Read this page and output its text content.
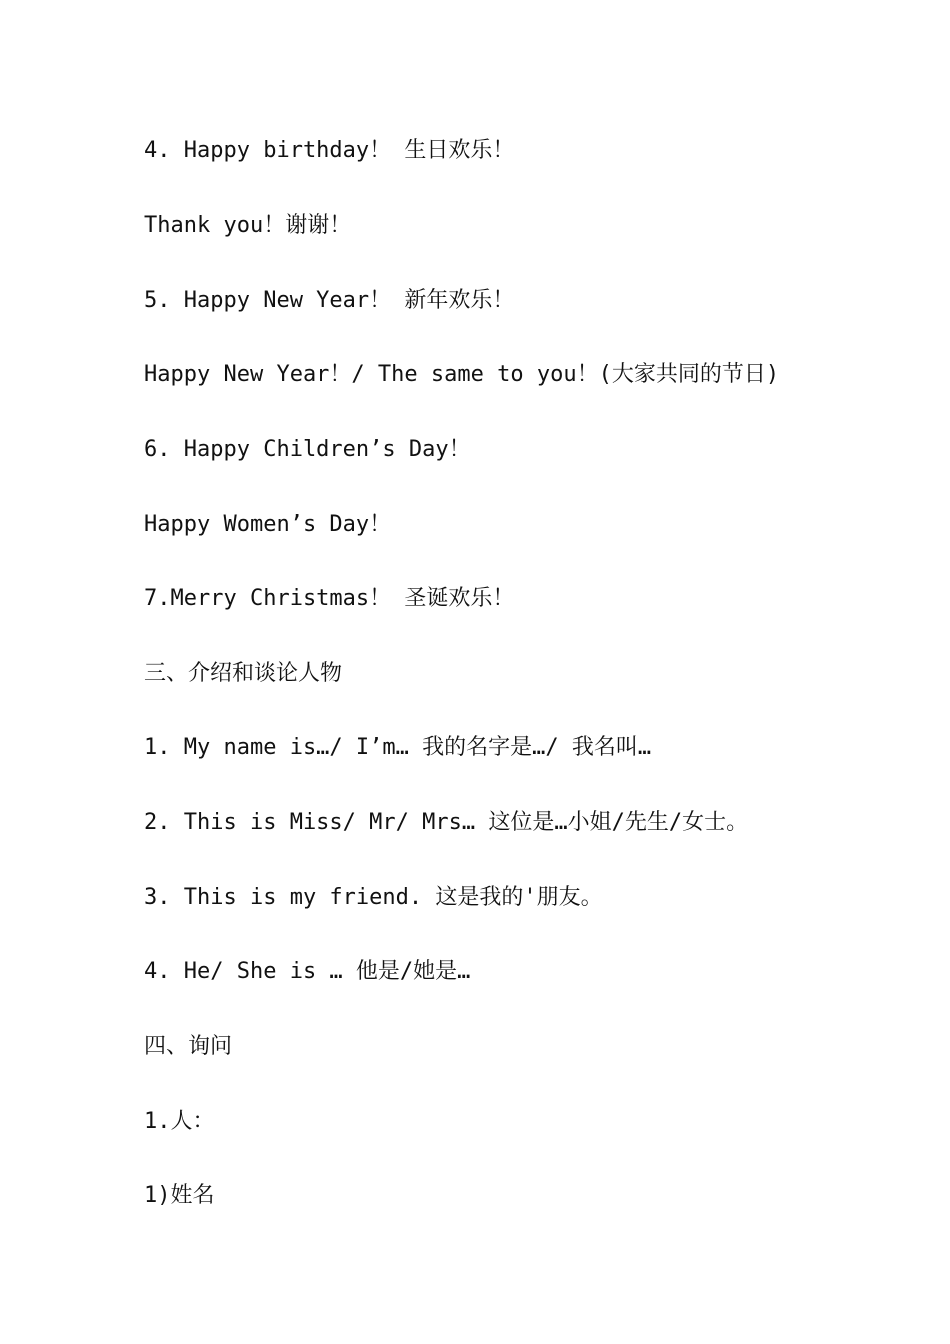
4. Happy birthday！ 生日欢乐！
Thank you！谢谢！
5. Happy New Year！ 新年欢乐！
Happy New Year！/ The same to you！(大家共同的节日)
6. Happy Children’s Day！
Happy Women’s Day！
7.Merry Christmas！ 圣诞欢乐！
三、介绍和谈论人物
1. My name is…/ I’m… 我的名字是…/ 我名叫…
2. This is Miss/ Mr/ Mrs… 这位是…小姐/先生/女士。
3. This is my friend. 这是我的'朋友。
4. He/ She is … 他是/她是…
四、询问
1.人：
1)姓名
